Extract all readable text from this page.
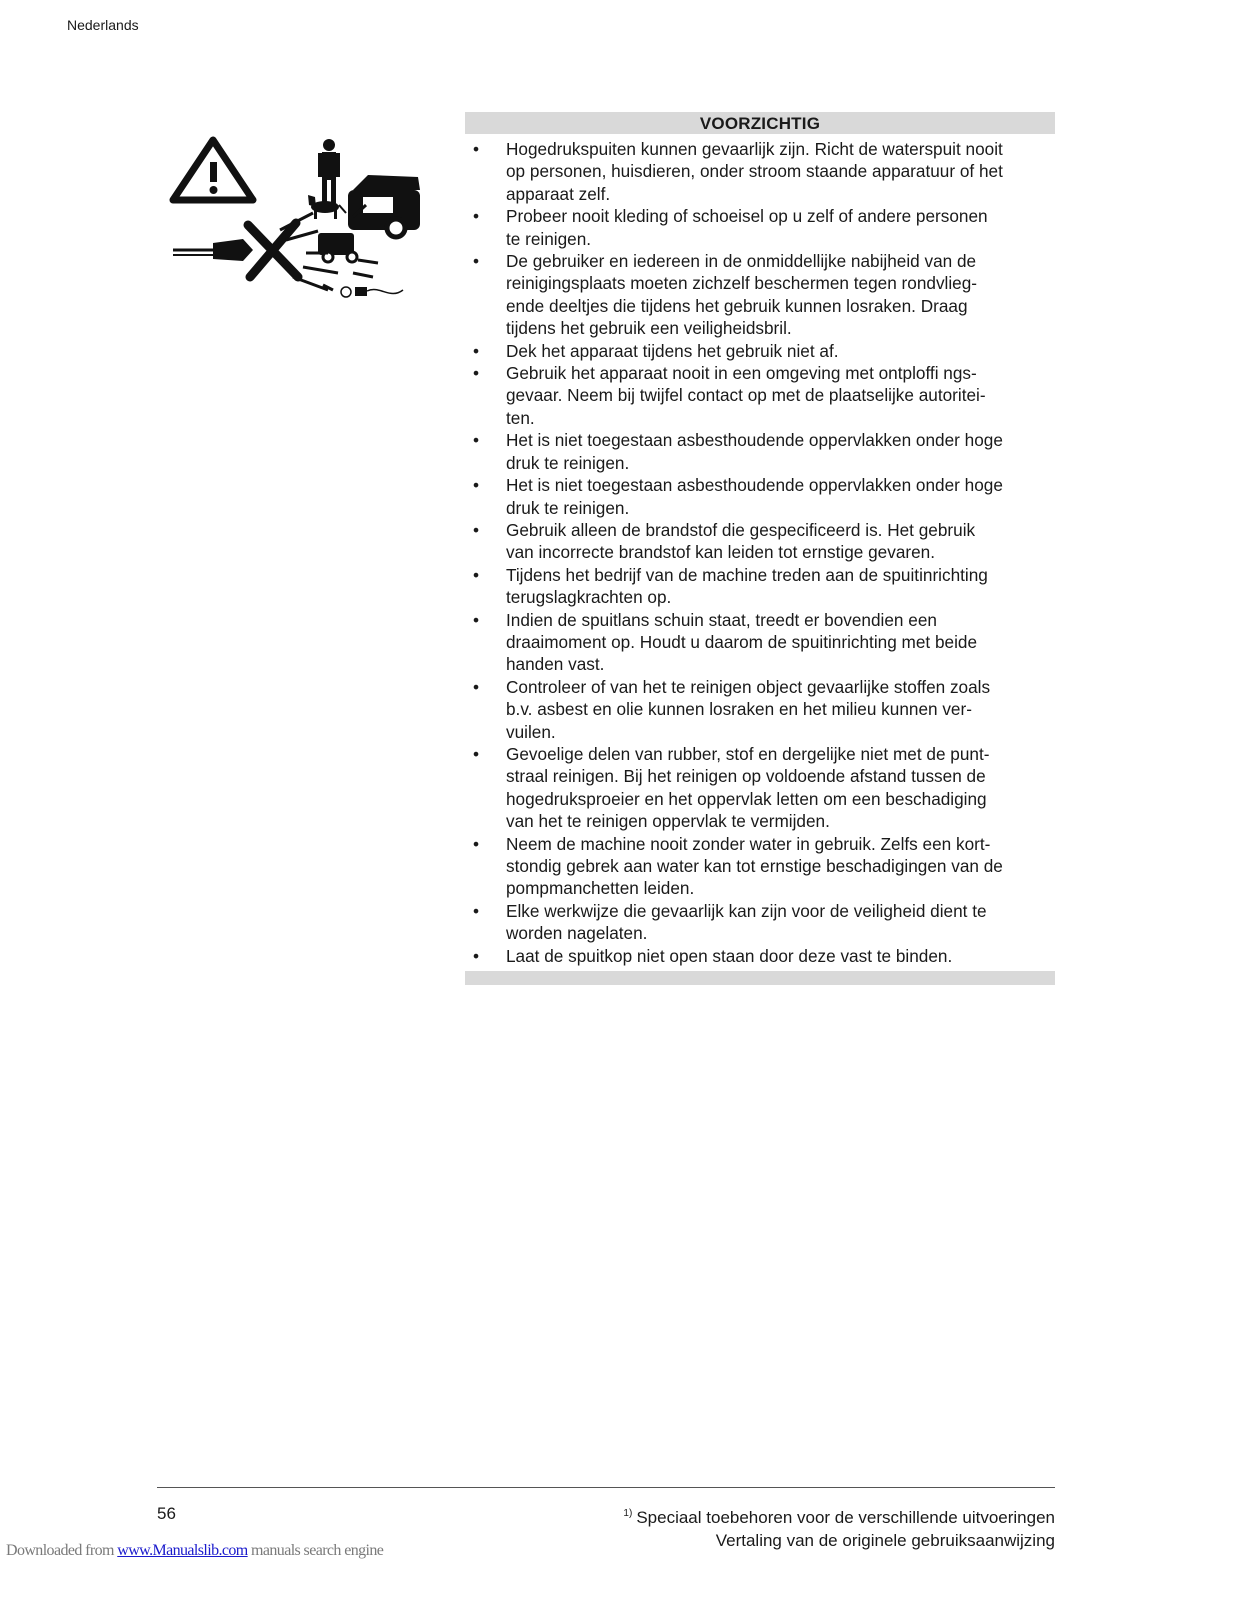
Nederlands
VOORZICHTIG
• Hogedrukspuiten kunnen gevaarlijk zijn. Richt de waterspuit nooit
op personen, huisdieren, onder stroom staande apparatuur of het
apparaat zelf.
• Probeer nooit kleding of schoeisel op u zelf of andere personen
te reinigen.
• De gebruiker en iedereen in de onmiddellijke nabijheid van de
reinigingsplaats moeten zichzelf beschermen tegen rondvlieg-
ende deeltjes die tijdens het gebruik kunnen losraken. Draag
tijdens het gebruik een veiligheidsbril.
• Dek het apparaat tijdens het gebruik niet af.
• Gebruik het apparaat nooit in een omgeving met ontploffi ngs-
gevaar. Neem bij twijfel contact op met de plaatselijke autoritei-
ten.
• Het is niet toegestaan asbesthoudende oppervlakken onder hoge
druk te reinigen.
• Het is niet toegestaan asbesthoudende oppervlakken onder hoge
druk te reinigen.
• Gebruik alleen de brandstof die gespecificeerd is. Het gebruik
van incorrecte brandstof kan leiden tot ernstige gevaren.
• Tijdens het bedrijf van de machine treden aan de spuitinrichting
terugslagkrachten op.
• Indien de spuitlans schuin staat, treedt er bovendien een
draaimoment op. Houdt u daarom de spuitinrichting met beide
handen vast.
• Controleer of van het te reinigen object gevaarlijke stoffen zoals
b.v. asbest en olie kunnen losraken en het milieu kunnen ver-
vuilen.
• Gevoelige delen van rubber, stof en dergelijke niet met de punt-
straal reinigen. Bij het reinigen op voldoende afstand tussen de
hogedruksproeier en het oppervlak letten om een beschadiging
van het te reinigen oppervlak te vermijden.
• Neem de machine nooit zonder water in gebruik. Zelfs een kort-
stondig gebrek aan water kan tot ernstige beschadigingen van de
pompmanchetten leiden.
• Elke werkwijze die gevaarlijk kan zijn voor de veiligheid dient te
worden nagelaten.
• Laat de spuitkop niet open staan door deze vast te binden.
56	$^{1)}$ Speciaal toebehoren voor de verschillende uitvoeringen
Vertaling van de originele gebruiksaanwijzing
Downloaded from www.Manualslib.com manuals search engine
